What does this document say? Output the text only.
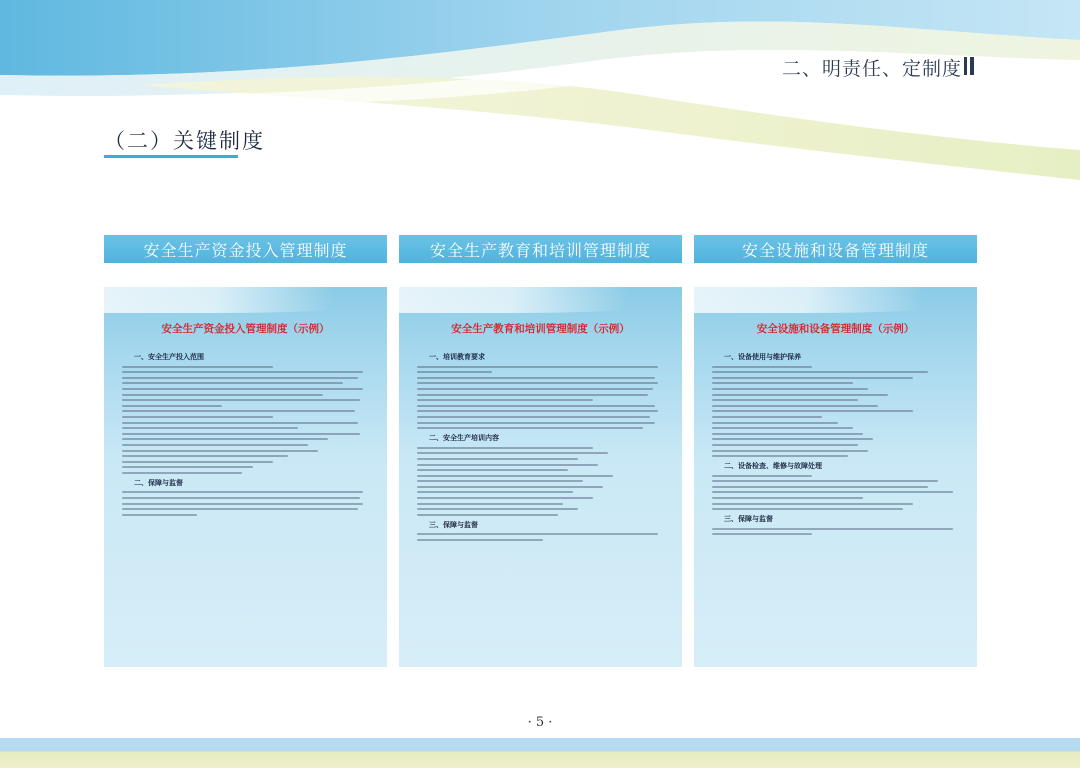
二、明责任、定制度
（二）关键制度
安全生产资金投入管理制度	安全生产教育和培训管理制度	安全设施和设备管理制度
安全生产资金投入管理制度（示例）
一、安全生产投入范围
二、保障与监督
安全生产教育和培训管理制度（示例）
一、培训教育要求
二、安全生产培训内容
三、保障与监督
安全设施和设备管理制度（示例）
一、设备使用与维护保养
二、设备检查、维修与故障处理
三、保障与监督
· 5 ·
